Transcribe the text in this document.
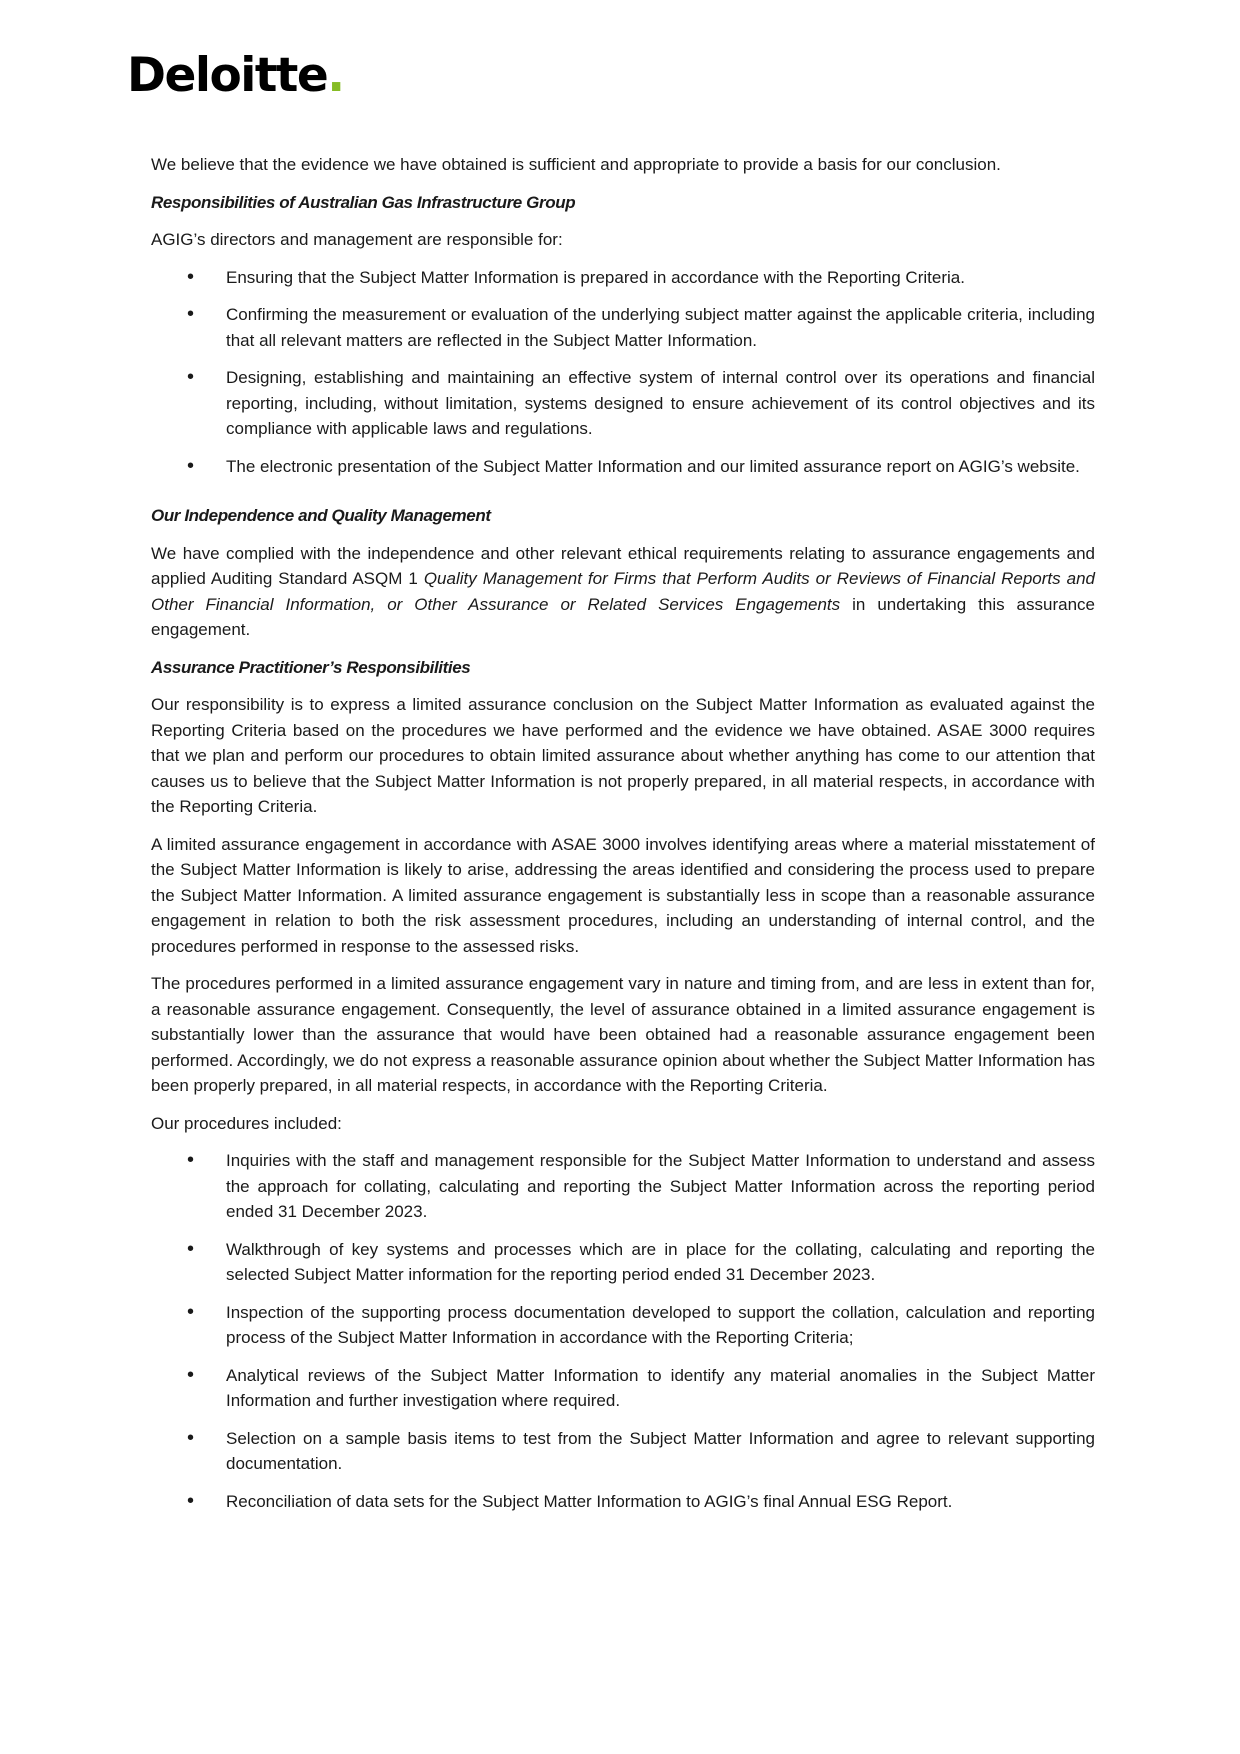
Deloitte.

We believe that the evidence we have obtained is sufficient and appropriate to provide a basis for our conclusion.

Responsibilities of Australian Gas Infrastructure Group

AGIG’s directors and management are responsible for:

• Ensuring that the Subject Matter Information is prepared in accordance with the Reporting Criteria.
• Confirming the measurement or evaluation of the underlying subject matter against the applicable criteria, including that all relevant matters are reflected in the Subject Matter Information.
• Designing, establishing and maintaining an effective system of internal control over its operations and financial reporting, including, without limitation, systems designed to ensure achievement of its control objectives and its compliance with applicable laws and regulations.
• The electronic presentation of the Subject Matter Information and our limited assurance report on AGIG’s website.

Our Independence and Quality Management

We have complied with the independence and other relevant ethical requirements relating to assurance engagements and applied Auditing Standard ASQM 1 Quality Management for Firms that Perform Audits or Reviews of Financial Reports and Other Financial Information, or Other Assurance or Related Services Engagements in undertaking this assurance engagement.

Assurance Practitioner’s Responsibilities

Our responsibility is to express a limited assurance conclusion on the Subject Matter Information as evaluated against the Reporting Criteria based on the procedures we have performed and the evidence we have obtained. ASAE 3000 requires that we plan and perform our procedures to obtain limited assurance about whether anything has come to our attention that causes us to believe that the Subject Matter Information is not properly prepared, in all material respects, in accordance with the Reporting Criteria.

A limited assurance engagement in accordance with ASAE 3000 involves identifying areas where a material misstatement of the Subject Matter Information is likely to arise, addressing the areas identified and considering the process used to prepare the Subject Matter Information. A limited assurance engagement is substantially less in scope than a reasonable assurance engagement in relation to both the risk assessment procedures, including an understanding of internal control, and the procedures performed in response to the assessed risks.

The procedures performed in a limited assurance engagement vary in nature and timing from, and are less in extent than for, a reasonable assurance engagement. Consequently, the level of assurance obtained in a limited assurance engagement is substantially lower than the assurance that would have been obtained had a reasonable assurance engagement been performed. Accordingly, we do not express a reasonable assurance opinion about whether the Subject Matter Information has been properly prepared, in all material respects, in accordance with the Reporting Criteria.

Our procedures included:

• Inquiries with the staff and management responsible for the Subject Matter Information to understand and assess the approach for collating, calculating and reporting the Subject Matter Information across the reporting period ended 31 December 2023.
• Walkthrough of key systems and processes which are in place for the collating, calculating and reporting the selected Subject Matter information for the reporting period ended 31 December 2023.
• Inspection of the supporting process documentation developed to support the collation, calculation and reporting process of the Subject Matter Information in accordance with the Reporting Criteria;
• Analytical reviews of the Subject Matter Information to identify any material anomalies in the Subject Matter Information and further investigation where required.
• Selection on a sample basis items to test from the Subject Matter Information and agree to relevant supporting documentation.
• Reconciliation of data sets for the Subject Matter Information to AGIG’s final Annual ESG Report.
